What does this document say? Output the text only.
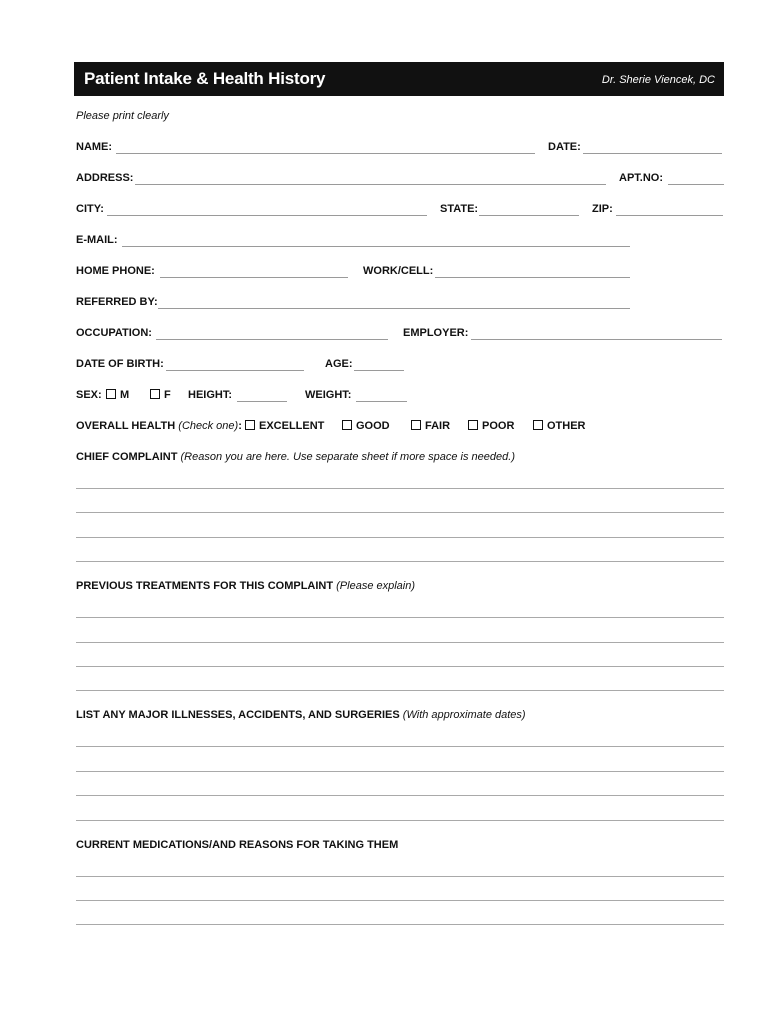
Patient Intake & Health History	Dr. Sherie Viencek, DC
Please print clearly
NAME:	DATE:
ADDRESS:	APT.NO:
CITY:	STATE:	ZIP:
E-MAIL:
HOME PHONE:	WORK/CELL:
REFERRED BY:
OCCUPATION:	EMPLOYER:
DATE OF BIRTH:	AGE:
SEX:	M	F HEIGHT:	WEIGHT:
OVERALL HEALTH (Check one):	EXCELLENT	GOOD	FAIR	POOR	OTHER
CHIEF COMPLAINT (Reason you are here. Use separate sheet if more space is needed.)
PREVIOUS TREATMENTS FOR THIS COMPLAINT (Please explain)
LIST ANY MAJOR ILLNESSES, ACCIDENTS, AND SURGERIES (With approximate dates)
CURRENT MEDICATIONS/AND REASONS FOR TAKING THEM
